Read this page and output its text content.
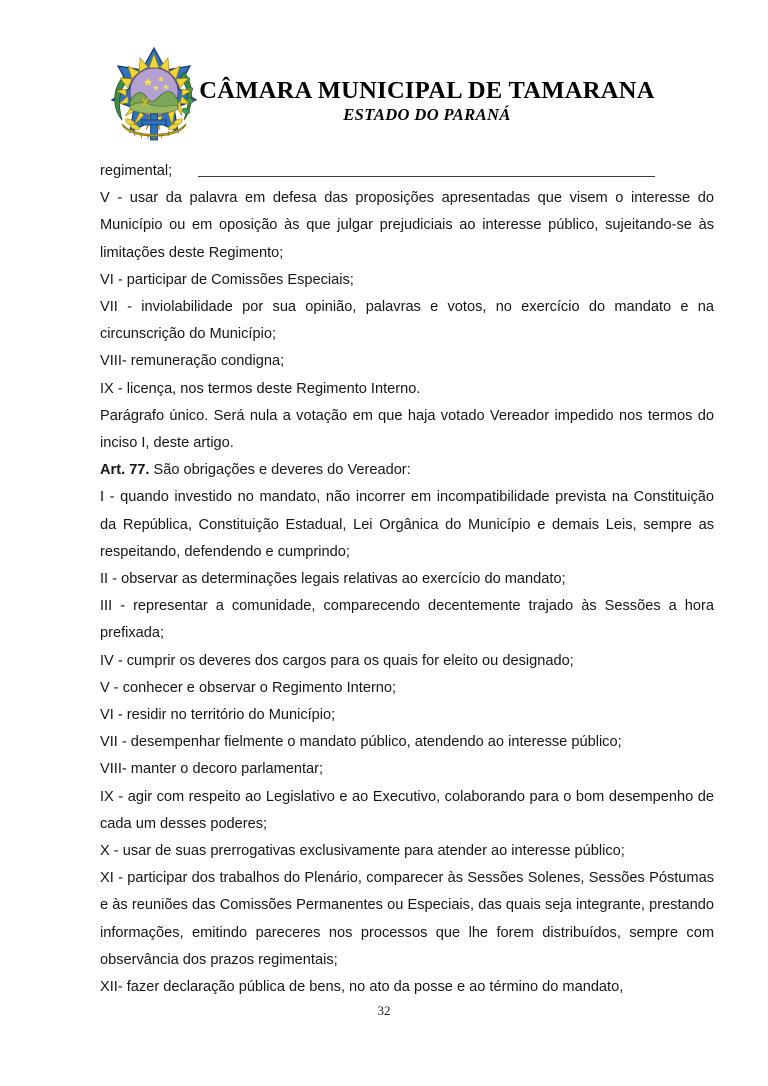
CÂMARA MUNICIPAL DE TAMARANA
ESTADO DO PARANÁ

regimental;

V - usar da palavra em defesa das proposições apresentadas que visem o interesse do Município ou em oposição às que julgar prejudiciais ao interesse público, sujeitando-se às limitações deste Regimento;

VI - participar de Comissões Especiais;

VII - inviolabilidade por sua opinião, palavras e votos, no exercício do mandato e na circunscrição do Município;

VIII- remuneração condigna;

IX - licença, nos termos deste Regimento Interno.

Parágrafo único. Será nula a votação em que haja votado Vereador impedido nos termos do inciso I, deste artigo.

Art. 77. São obrigações e deveres do Vereador:

I - quando investido no mandato, não incorrer em incompatibilidade prevista na Constituição da República, Constituição Estadual, Lei Orgânica do Município e demais Leis, sempre as respeitando, defendendo e cumprindo;

II - observar as determinações legais relativas ao exercício do mandato;

III - representar a comunidade, comparecendo decentemente trajado às Sessões a hora prefixada;

IV - cumprir os deveres dos cargos para os quais for eleito ou designado;

V - conhecer e observar o Regimento Interno;

VI - residir no território do Município;

VII - desempenhar fielmente o mandato público, atendendo ao interesse público;

VIII- manter o decoro parlamentar;

IX - agir com respeito ao Legislativo e ao Executivo, colaborando para o bom desempenho de cada um desses poderes;

X - usar de suas prerrogativas exclusivamente para atender ao interesse público;

XI - participar dos trabalhos do Plenário, comparecer às Sessões Solenes, Sessões Póstumas e às reuniões das Comissões Permanentes ou Especiais, das quais seja integrante, prestando informações, emitindo pareceres nos processos que lhe forem distribuídos, sempre com observância dos prazos regimentais;

XII- fazer declaração pública de bens, no ato da posse e ao término do mandato,

32
